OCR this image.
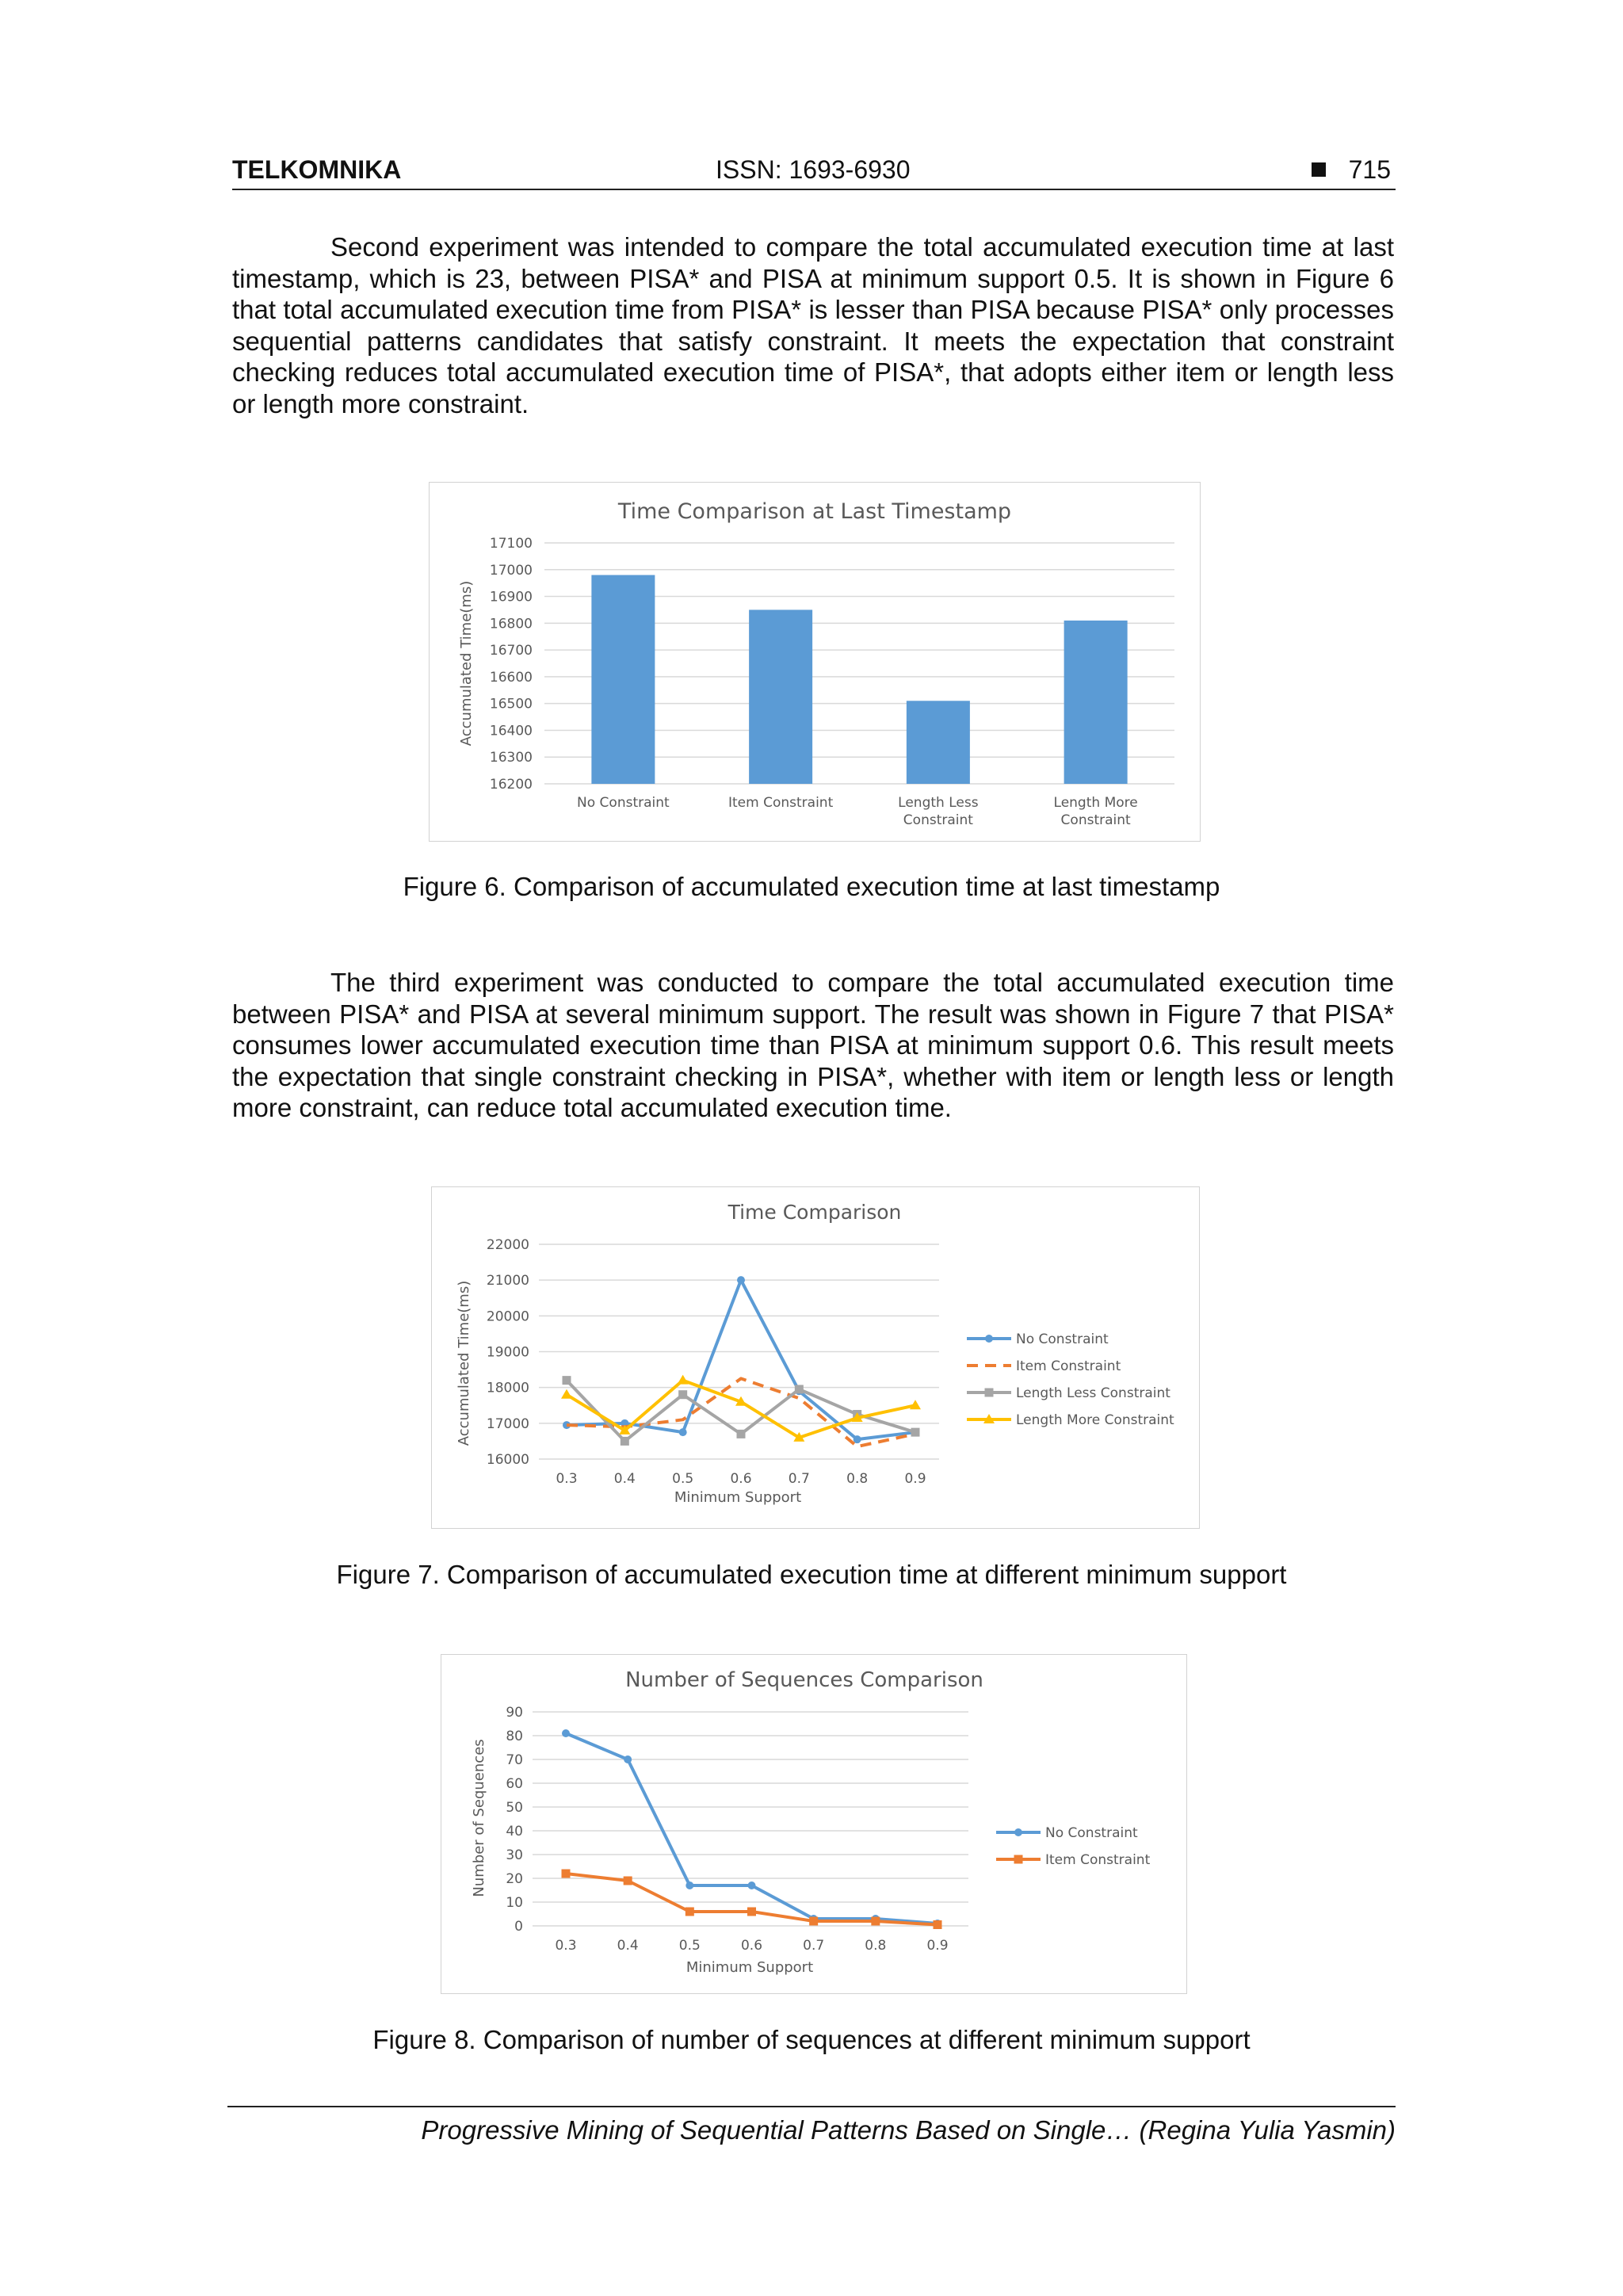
TELKOMNIKA	ISSN: 1693-6930	715

Second experiment was intended to compare the total accumulated execution time at last timestamp, which is 23, between PISA* and PISA at minimum support 0.5. It is shown in Figure 6 that total accumulated execution time from PISA* is lesser than PISA because PISA* only processes sequential patterns candidates that satisfy constraint. It meets the expectation that constraint checking reduces total accumulated execution time of PISA*, that adopts either item or length less or length more constraint.

Time Comparison at Last Timestamp
Accumulated Time(ms)
16200
16300
16400
16500
16600
16700
16800
16900
17000
17100
No Constraint	Item Constraint	Length Less
Constraint
Length More
Constraint
Figure 6. Comparison of accumulated execution time at last timestamp

The third experiment was conducted to compare the total accumulated execution time between PISA* and PISA at several minimum support. The result was shown in Figure 7 that PISA* consumes lower accumulated execution time than PISA at minimum support 0.6. This result meets the expectation that single constraint checking in PISA*, whether with item or length less or length more constraint, can reduce total accumulated execution time.

Time Comparison
Accumulated Time(ms)
Minimum Support
16000
17000
18000
19000
20000
21000
22000
0.3	0.4	0.5	0.6	0.7	0.8	0.9
No Constraint
Item Constraint
Length Less Constraint
Length More Constraint
Figure 7. Comparison of accumulated execution time at different minimum support
Number of Sequences Comparison
Number of Sequences
Minimum Support
0
10
20
30
40
50
60
70
80
90
0.3	0.4	0.5	0.6	0.7	0.8	0.9
No Constraint
Item Constraint
Figure 8. Comparison of number of sequences at different minimum support
Progressive Mining of Sequential Patterns Based on Single… (Regina Yulia Yasmin)
